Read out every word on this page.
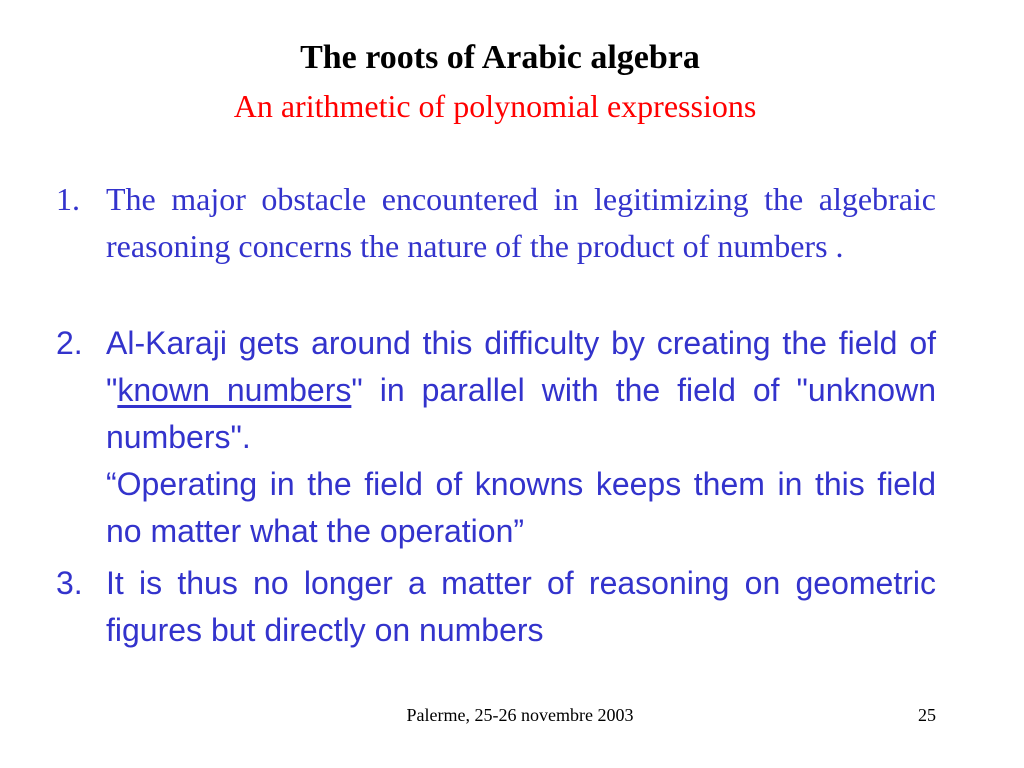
The roots of Arabic algebra
An arithmetic of polynomial expressions
1. The major obstacle encountered in legitimizing the algebraic reasoning concerns the nature of the product of numbers .
2. Al-Karaji gets around this difficulty by creating the field of "known numbers" in parallel with the field of "unknown numbers".
“Operating in the field of knowns keeps them in this field no matter what the operation”
3. It is thus no longer a matter of reasoning on geometric figures but directly on numbers
Palerme, 25-26 novembre 2003	25
